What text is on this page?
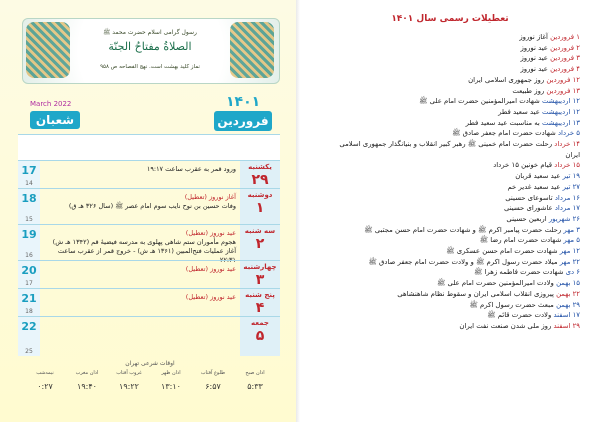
رسول گرامی اسلام حضرت محمد ﷺ
الصلاةُ مفتاحُ الجنّة
نماز کلید بهشت است. نهج الفصاحه ص ۹۵۸
March 2022
شعبان
۱۴۰۱
فروردین
17
14
يكشنبه
۲۹
ورود قمر به عقرب ساعت ۱۹:۱۷
18
15
دوشنبه
۱
آغاز نوروز (تعطیل)
وفات حسین بن نوح نایب سوم امام عصر ﷺ (سال ۳۲۶ هـ ق)
19
16
سه شنبه
۲
عید نوروز (تعطیل)
هجوم مأموران ستم شاهی پهلوی به مدرسه فیضیهٔ قم (۱۳۴۲ هـ ش)
آغاز عملیات فتح‌المبین (۱۳۶۱ هـ ش) - خروج قمر از عقرب ساعت ۲۲:۳۱
20
17
چهارشنبه
۳
عید نوروز (تعطیل)
21
18
پنج شنبه
۴
عید نوروز (تعطیل)
22
25
جمعه
۵
اوقات شرعی تهران
اذان صبح
۵:۳۳
طلوع آفتاب
۶:۵۷
اذان ظهر
۱۳:۱۰
غروب آفتاب
۱۹:۲۲
اذان مغرب
۱۹:۴۰
نیمه‌شب
۰:۲۷
تعطیلات رسمی سال ۱۴۰۱
۱ فروردین آغاز نوروز
۲ فروردین عید نوروز
۳ فروردین عید نوروز
۴ فروردین عید نوروز
۱۲ فروردین روز جمهوری اسلامی ایران
۱۳ فروردین روز طبیعت
۱۲ اردیبهشت شهادت امیرالمؤمنین حضرت امام علی ﷺ
۱۲ اردیبهشت عید سعید فطر
۱۳ اردیبهشت به مناسبت عید سعید فطر
۵ خرداد شهادت حضرت امام جعفر صادق ﷺ
۱۴ خرداد رحلت حضرت امام خمینی ﷺ رهبر کبیر انقلاب و بنیانگذار جمهوری اسلامی ایران
۱۵ خرداد قیام خونین ۱۵ خرداد
۱۹ تیر عید سعید قربان
۲۷ تیر عید سعید غدیر خم
۱۶ مرداد تاسوعای حسینی
۱۷ مرداد عاشورای حسینی
۲۶ شهریور اربعین حسینی
۳ مهر رحلت حضرت پیامبر اکرم ﷺ و شهادت حضرت امام حسن مجتبی ﷺ
۵ مهر شهادت حضرت امام رضا ﷺ
۱۲ مهر شهادت حضرت امام حسن عسکری ﷺ
۲۲ مهر میلاد حضرت رسول اکرم ﷺ و ولادت حضرت امام جعفر صادق ﷺ
۶ دی شهادت حضرت فاطمه زهرا ﷺ
۱۵ بهمن ولادت امیرالمؤمنین حضرت امام علی ﷺ
۲۲ بهمن پیروزی انقلاب اسلامی ایران و سقوط نظام شاهنشاهی
۲۹ بهمن مبعث حضرت رسول اکرم ﷺ
۱۷ اسفند ولادت حضرت قائم ﷺ
۲۹ اسفند روز ملی شدن صنعت نفت ایران
